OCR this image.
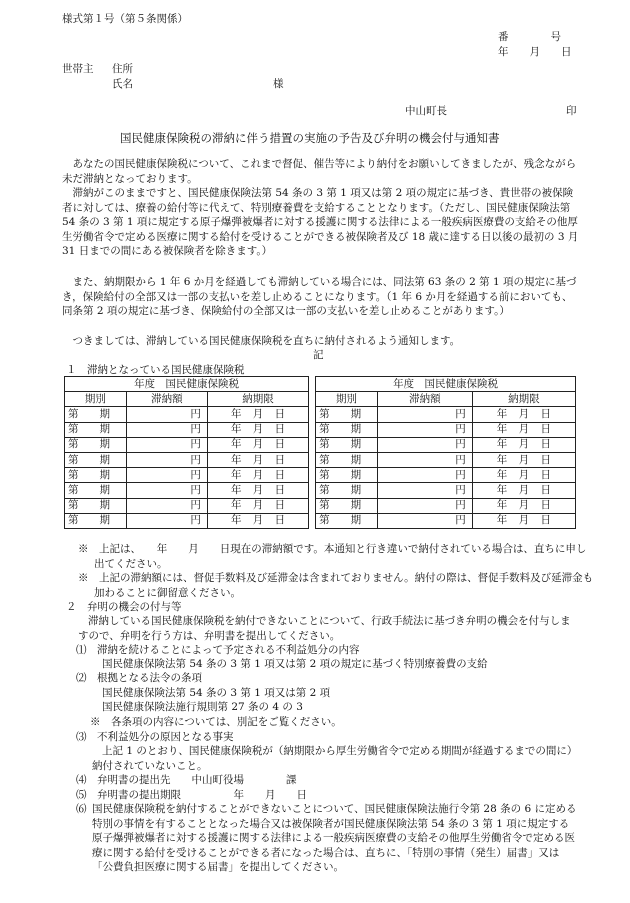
様式第１号（第５条関係）
番　　　　号
年　　月　　日
世帯主 住所
氏名	様
中山町長	印
国民健康保険税の滞納に伴う措置の実施の予告及び弁明の機会付与通知書
　あなたの国民健康保険税について、これまで督促、催告等により納付をお願いしてきましたが、残念ながら未だ滞納となっております。
　滞納がこのままですと、国民健康保険法第 54 条の 3 第 1 項又は第 2 項の規定に基づき、貴世帯の被保険者に対しては、療養の給付等に代えて、特別療養費を支給することとなります。（ただし、国民健康保険法第 54 条の 3 第 1 項に規定する原子爆弾被爆者に対する援護に関する法律による一般疾病医療費の支給その他厚生労働省令で定める医療に関する給付を受けることができる被保険者及び 18 歳に達する日以後の最初の 3 月 31 日までの間にある被保険者を除きます。）
　また、納期限から 1 年 6 か月を経過しても滞納している場合には、同法第 63 条の 2 第 1 項の規定に基づき，保険給付の全部又は一部の支払いを差し止めることになります。（1 年 6 か月を経過する前においても、同条第 2 項の規定に基づき、保険給付の全部又は一部の支払いを差し止めることがあります。）
　つきましては、滞納している国民健康保険税を直ちに納付されるよう通知します。
記
１　滞納となっている国民健康保険税
年度　国民健康保険税				年度　国民健康保険税		
期別	滞納額	納期限		期別	滞納額	納期限
第　　期	円	年 月 日		第　　期	円	年 月 日
第　　期	円	年 月 日		第　　期	円	年 月 日
第　　期	円	年 月 日		第　　期	円	年 月 日
第　　期	円	年 月 日		第　　期	円	年 月 日
第　　期	円	年 月 日		第　　期	円	年 月 日
第　　期	円	年 月 日		第　　期	円	年 月 日
第　　期	円	年 月 日		第　　期	円	年 月 日
第　　期	円	年 月 日		第　　期	円	年 月 日
※　上記は、　　年　　月　　日現在の滞納額です。本通知と行き違いで納付されている場合は、直ちに申し出てください。
※　上記の滞納額には、督促手数料及び延滞金は含まれておりません。納付の際は、督促手数料及び延滞金も加わることに御留意ください。
２　弁明の機会の付与等
滞納している国民健康保険税を納付できないことについて、行政手続法に基づき弁明の機会を付与しますので、弁明を行う方は、弁明書を提出してください。
⑴　滞納を続けることによって予定される不利益処分の内容
国民健康保険法第 54 条の 3 第 1 項又は第 2 項の規定に基づく特別療養費の支給
⑵　根拠となる法令の条項
国民健康保険法第 54 条の 3 第 1 項又は第 2 項
国民健康保険法施行規則第 27 条の 4 の 3
※　各条項の内容については、別記をご覧ください。
⑶　不利益処分の原因となる事実
上記 1 のとおり、国民健康保険税が（納期限から厚生労働省令で定める期間が経過するまでの間に）納付されていないこと。
⑷　弁明書の提出先　　中山町役場　　　　課
⑸　弁明書の提出期限　　　　　年　　月　　日
⑹ 国民健康保険税を納付することができないことについて、国民健康保険法施行令第 28 条の 6 に定める特別の事情を有することとなった場合又は被保険者が国民健康保険法第 54 条の 3 第 1 項に規定する原子爆弾被爆者に対する援護に関する法律による一般疾病医療費の支給その他厚生労働省令で定める医療に関する給付を受けることができる者になった場合は、直ちに、「特別の事情（発生）届書」又は「公費負担医療に関する届書」を提出してください。
